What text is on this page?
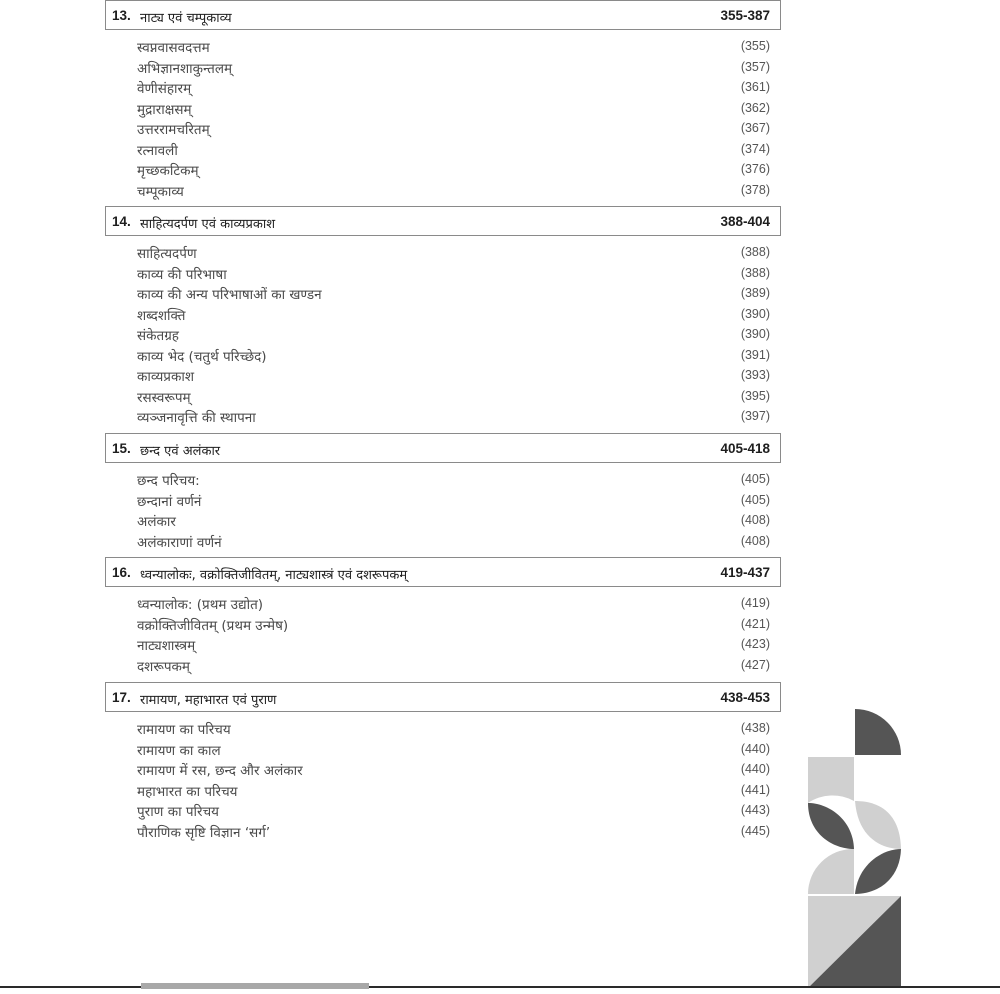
13. नाट्य एवं चम्पूकाव्य	355-387
स्वप्नवासवदत्तम	(355)
अभिज्ञानशाकुन्तलम्	(357)
वेणीसंहारम्	(361)
मुद्राराक्षसम्	(362)
उत्तररामचरितम्	(367)
रत्नावली	(374)
मृच्छकटिकम्	(376)
चम्पूकाव्य	(378)
14. साहित्यदर्पण एवं काव्यप्रकाश	388-404
साहित्यदर्पण	(388)
काव्य की परिभाषा	(388)
काव्य की अन्य परिभाषाओं का खण्डन	(389)
शब्दशक्ति	(390)
संकेतग्रह	(390)
काव्य भेद (चतुर्थ परिच्छेद)	(391)
काव्यप्रकाश	(393)
रसस्वरूपम्	(395)
व्यञ्जनावृत्ति की स्थापना	(397)
15. छन्द एवं अलंकार	405-418
छन्द परिचय:	(405)
छन्दानां वर्णनं	(405)
अलंकार	(408)
अलंकाराणां वर्णनं	(408)
16. ध्वन्यालोकः, वक्रोक्तिजीवितम्, नाट्यशास्त्रं एवं दशरूपकम्	419-437
ध्वन्यालोक: (प्रथम उद्योत)	(419)
वक्रोक्तिजीवितम् (प्रथम उन्मेष)	(421)
नाट्यशास्त्रम्	(423)
दशरूपकम्	(427)
17. रामायण, महाभारत एवं पुराण	438-453
रामायण का परिचय	(438)
रामायण का काल	(440)
रामायण में रस, छन्द और अलंकार	(440)
महाभारत का परिचय	(441)
पुराण का परिचय	(443)
पौराणिक सृष्टि विज्ञान ‘सर्ग’	(445)
